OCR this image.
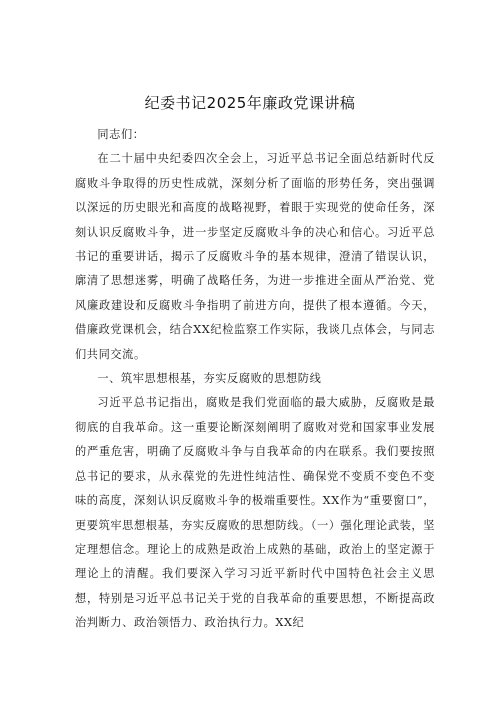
纪委书记2025年廉政党课讲稿

同志们：

在二十届中央纪委四次全会上，习近平总书记全面总结新时代反腐败斗争取得的历史性成就，深刻分析了面临的形势任务，突出强调以深远的历史眼光和高度的战略视野，着眼于实现党的使命任务，深刻认识反腐败斗争，进一步坚定反腐败斗争的决心和信心。习近平总书记的重要讲话，揭示了反腐败斗争的基本规律，澄清了错误认识，廓清了思想迷雾，明确了战略任务，为进一步推进全面从严治党、党风廉政建设和反腐败斗争指明了前进方向，提供了根本遵循。今天，借廉政党课机会，结合XX纪检监察工作实际，我谈几点体会，与同志们共同交流。

一、筑牢思想根基，夯实反腐败的思想防线

习近平总书记指出，腐败是我们党面临的最大威胁，反腐败是最彻底的自我革命。这一重要论断深刻阐明了腐败对党和国家事业发展的严重危害，明确了反腐败斗争与自我革命的内在联系。我们要按照总书记的要求，从永葆党的先进性纯洁性、确保党不变质不变色不变味的高度，深刻认识反腐败斗争的极端重要性。XX作为“重要窗口”，更要筑牢思想根基，夯实反腐败的思想防线。（一）强化理论武装，坚定理想信念。理论上的成熟是政治上成熟的基础，政治上的坚定源于理论上的清醒。我们要深入学习习近平新时代中国特色社会主义思想，特别是习近平总书记关于党的自我革命的重要思想，不断提高政治判断力、政治领悟力、政治执行力。XX纪
